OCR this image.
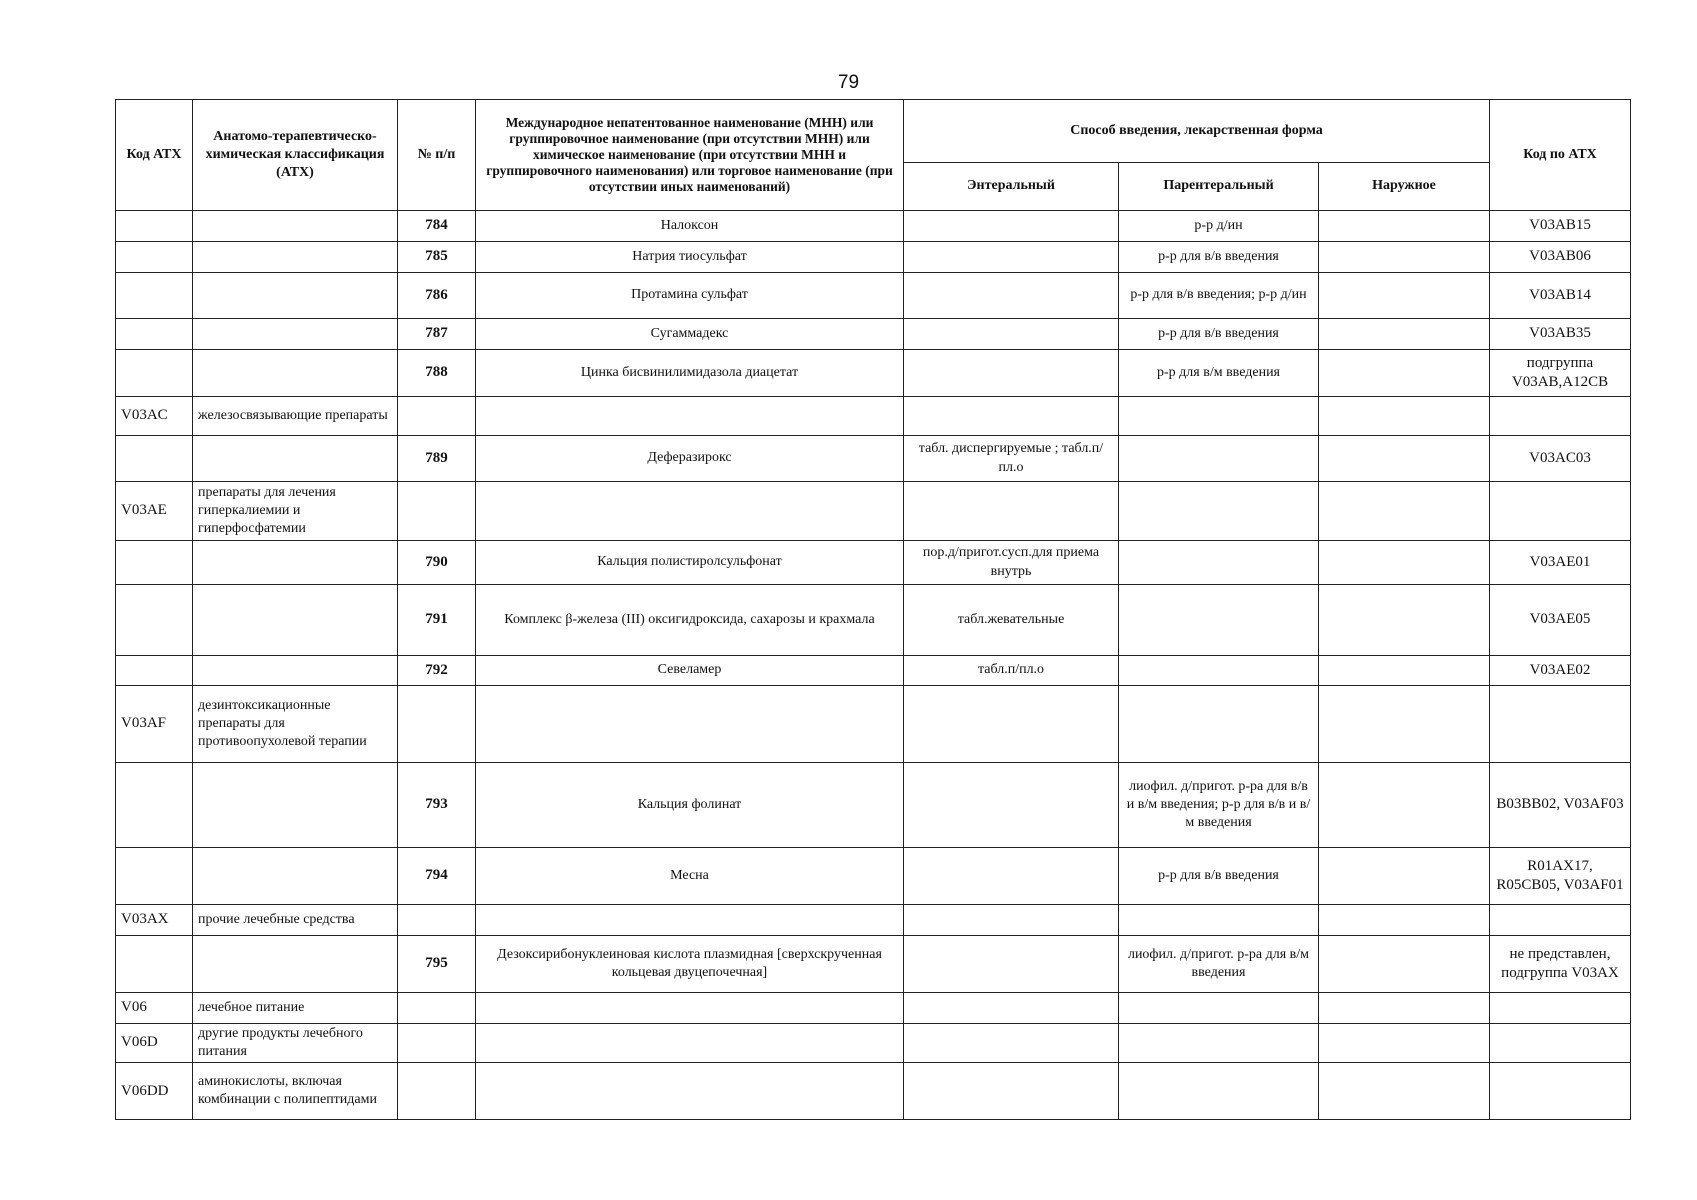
79
Код АТХ	Анатомо-терапевтическо-химическая классификация (АТХ)	№ п/п	Международное непатентованное наименование (МНН) или группировочное наименование (при отсутствии МНН) или химическое наименование (при отсутствии МНН и группировочного наименования) или торговое наименование (при отсутствии иных наименований)	Способ введения, лекарственная форма			Код по АТХ
				Энтеральный	Парентеральный	Наружное	
		784	Налоксон		р-р д/ин		V03AB15
		785	Натрия тиосульфат		р-р для в/в введения		V03AB06
		786	Протамина сульфат		р-р для в/в введения; р-р д/ин		V03AB14
		787	Сугаммадекс		р-р для в/в введения		V03AB35
		788	Цинка бисвинилимидазола диацетат		р-р для в/м введения		подгруппа V03AB,A12CB
V03AC	железосвязывающие препараты						
		789	Деферазирокс	табл. диспергируемые ; табл.п/пл.о			V03AC03
V03AE	препараты для лечения гиперкалиемии и гиперфосфатемии						
		790	Кальция полистиролсульфонат	пор.д/пригот.сусп.для приема внутрь			V03AE01
		791	Комплекс β-железа (III) оксигидроксида, сахарозы и крахмала	табл.жевательные			V03AE05
		792	Севеламер	табл.п/пл.о			V03AE02
V03AF	дезинтоксикационные препараты для противоопухолевой терапии						
		793	Кальция фолинат		лиофил. д/пригот. р-ра для в/в и в/м введения; р-р для в/в и в/м введения		B03BB02, V03AF03
		794	Месна		р-р для в/в введения		R01AX17, R05CB05, V03AF01
V03AX	прочие лечебные средства						
		795	Дезоксирибонуклеиновая кислота плазмидная [сверхскрученная кольцевая двуцепочечная]		лиофил. д/пригот. р-ра для в/м введения		не представлен, подгруппа V03AX
V06	лечебное питание						
V06D	другие продукты лечебного питания						
V06DD	аминокислоты, включая комбинации с полипептидами						
